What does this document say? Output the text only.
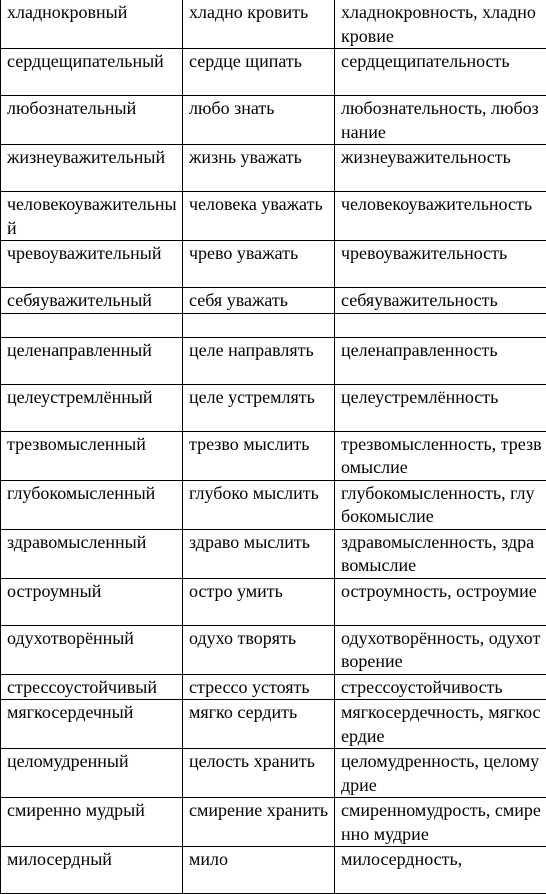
хладнокровный	хладно кровить	хладнокровность, хладнокровие
сердцещипательный	сердце щипать	сердцещипательность
любознательный	любо знать	любознательность, любознание
жизнеуважительный	жизнь уважать	жизнеуважительность
человекоуважительный	человека уважать	человекоуважительность
чревоуважительный	чрево уважать	чревоуважительность
себяуважительный	себя уважать	себяуважительность

целенаправленный	целе направлять	целенаправленность
целеустремлённый	целе устремлять	целеустремлённость
трезвомысленный	трезво мыслить	трезвомысленность, трезвомыслие
глубокомысленный	глубоко мыслить	глубокомысленность, глубокомыслие
здравомысленный	здраво мыслить	здравомысленность, здравомыслие
остроумный	остро умить	остроумность, остроумие
одухотворённый	одухо творять	одухотворённость, одухотворение
стрессоустойчивый	стрессо устоять	стрессоустойчивость
мягкосердечный	мягко сердить	мягкосердечность, мягкосердие
целомудренный	целость хранить	целомудренность, целомудрие
смиренно мудрый	смирение хранить	смиренномудрость, смиренно мудрие
милосердный	мило	милосердность,
